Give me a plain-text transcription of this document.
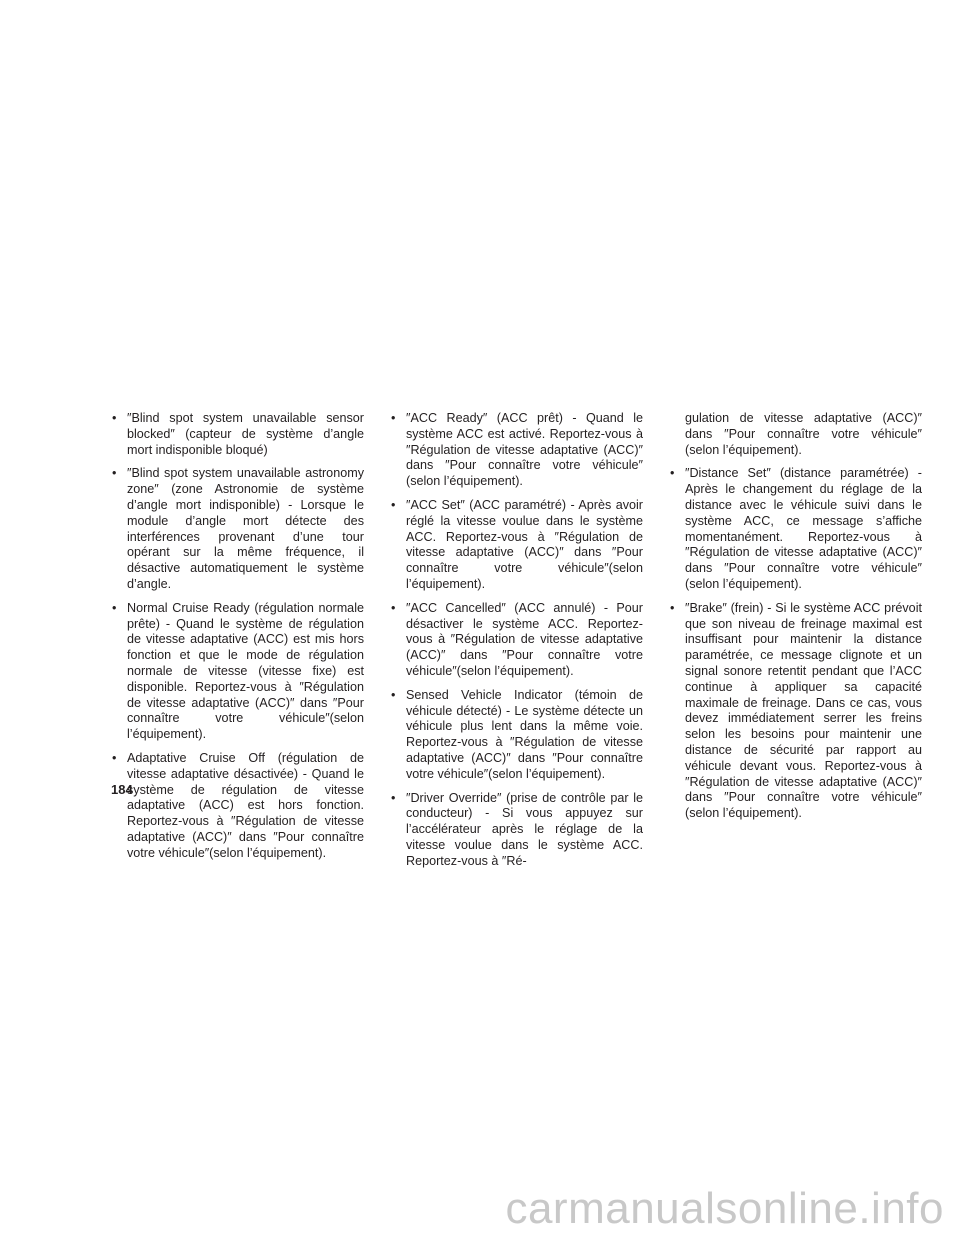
• ″Blind spot system unavailable sensor blocked″ (capteur de système d’angle mort indisponible bloqué)
• ″Blind spot system unavailable astronomy zone″ (zone Astronomie de système d’angle mort indisponible) - Lorsque le module d’angle mort détecte des interférences provenant d’une tour opérant sur la même fréquence, il désactive automatiquement le système d’angle.
• Normal Cruise Ready (régulation normale prête) - Quand le système de régulation de vitesse adaptative (ACC) est mis hors fonction et que le mode de régulation normale de vitesse (vitesse fixe) est disponible. Reportez-vous à ″Régulation de vitesse adaptative (ACC)″ dans ″Pour connaître votre véhicule″(selon l’équipement).
• Adaptative Cruise Off (régulation de vitesse adaptative désactivée) - Quand le système de régulation de vitesse adaptative (ACC) est hors fonction. Reportez-vous à ″Régulation de vitesse adaptative (ACC)″ dans ″Pour connaître votre véhicule″(selon l’équipement).
• ″ACC Ready″ (ACC prêt) - Quand le système ACC est activé. Reportez-vous à ″Régulation de vitesse adaptative (ACC)″ dans ″Pour connaître votre véhicule″(selon l’équipement).
• ″ACC Set″ (ACC paramétré) - Après avoir réglé la vitesse voulue dans le système ACC. Reportez-vous à ″Régulation de vitesse adaptative (ACC)″ dans ″Pour connaître votre véhicule″(selon l’équipement).
• ″ACC Cancelled″ (ACC annulé) - Pour désactiver le système ACC. Reportez-vous à ″Régulation de vitesse adaptative (ACC)″ dans ″Pour connaître votre véhicule″(selon l’équipement).
• Sensed Vehicle Indicator (témoin de véhicule détecté) - Le système détecte un véhicule plus lent dans la même voie. Reportez-vous à ″Régulation de vitesse adaptative (ACC)″ dans ″Pour connaître votre véhicule″(selon l’équipement).
• ″Driver Override″ (prise de contrôle par le conducteur) - Si vous appuyez sur l’accélérateur après le réglage de la vitesse voulue dans le système ACC. Reportez-vous à ″Ré-
gulation de vitesse adaptative (ACC)″ dans ″Pour connaître votre véhicule″(selon l’équipement).
• ″Distance Set″ (distance paramétrée) - Après le changement du réglage de la distance avec le véhicule suivi dans le système ACC, ce message s’affiche momentanément. Reportez-vous à ″Régulation de vitesse adaptative (ACC)″ dans ″Pour connaître votre véhicule″(selon l’équipement).
• ″Brake″ (frein) - Si le système ACC prévoit que son niveau de freinage maximal est insuffisant pour maintenir la distance paramétrée, ce message clignote et un signal sonore retentit pendant que l’ACC continue à appliquer sa capacité maximale de freinage. Dans ce cas, vous devez immédiatement serrer les freins selon les besoins pour maintenir une distance de sécurité par rapport au véhicule devant vous. Reportez-vous à ″Régulation de vitesse adaptative (ACC)″ dans ″Pour connaître votre véhicule″(selon l’équipement).
184
carmanualsonline.info
